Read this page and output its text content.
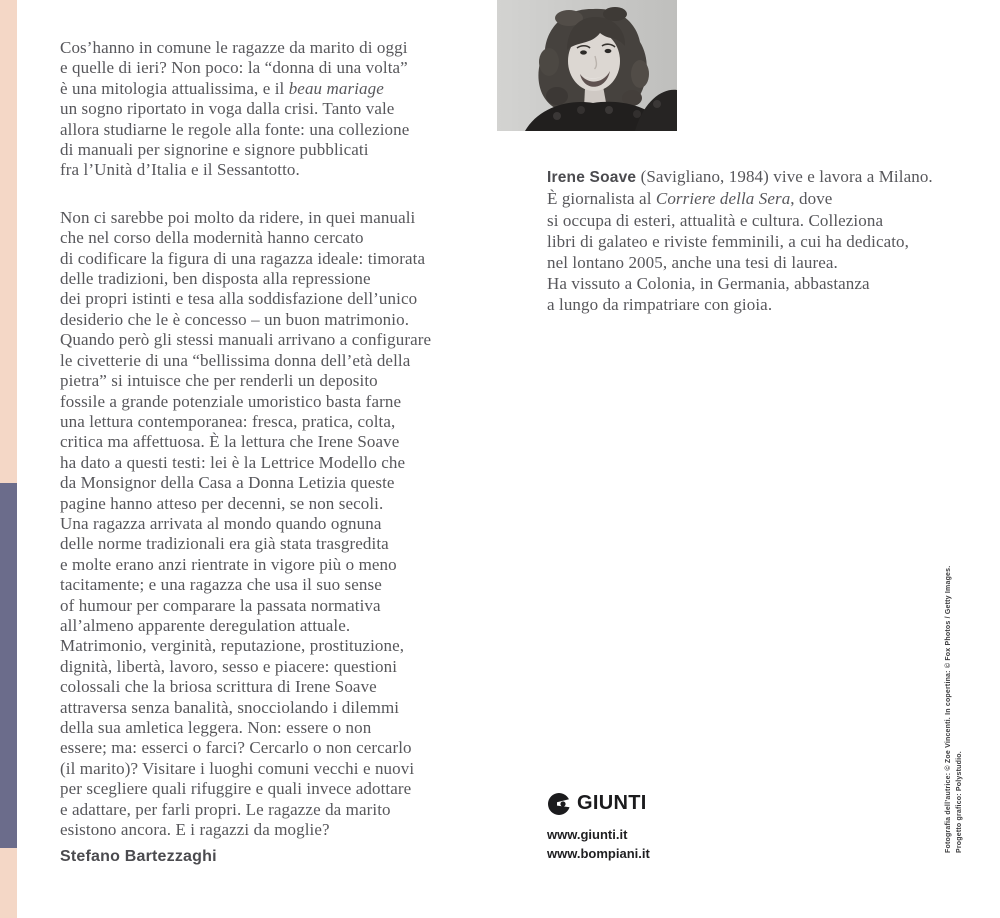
Cos’hanno in comune le ragazze da marito di oggi
e quelle di ieri? Non poco: la “donna di una volta”
è una mitologia attualissima, e il beau mariage
un sogno riportato in voga dalla crisi. Tanto vale
allora studiarne le regole alla fonte: una collezione
di manuali per signorine e signore pubblicati
fra l’Unità d’Italia e il Sessantotto.
Non ci sarebbe poi molto da ridere, in quei manuali
che nel corso della modernità hanno cercato
di codificare la figura di una ragazza ideale: timorata
delle tradizioni, ben disposta alla repressione
dei propri istinti e tesa alla soddisfazione dell’unico
desiderio che le è concesso – un buon matrimonio.
Quando però gli stessi manuali arrivano a configurare
le civetterie di una “bellissima donna dell’età della
pietra” si intuisce che per renderli un deposito
fossile a grande potenziale umoristico basta farne
una lettura contemporanea: fresca, pratica, colta,
critica ma affettuosa. È la lettura che Irene Soave
ha dato a questi testi: lei è la Lettrice Modello che
da Monsignor della Casa a Donna Letizia queste
pagine hanno atteso per decenni, se non secoli.
Una ragazza arrivata al mondo quando ognuna
delle norme tradizionali era già stata trasgredita
e molte erano anzi rientrate in vigore più o meno
tacitamente; e una ragazza che usa il suo sense
of humour per comparare la passata normativa
all’almeno apparente deregulation attuale.
Matrimonio, verginità, reputazione, prostituzione,
dignità, libertà, lavoro, sesso e piacere: questioni
colossali che la briosa scrittura di Irene Soave
attraversa senza banalità, snocciolando i dilemmi
della sua amletica leggera. Non: essere o non
essere; ma: esserci o farci? Cercarlo o non cercarlo
(il marito)? Visitare i luoghi comuni vecchi e nuovi
per scegliere quali rifuggire e quali invece adottare
e adattare, per farli propri. Le ragazze da marito
esistono ancora. E i ragazzi da moglie?
Stefano Bartezzaghi
Irene Soave (Savigliano, 1984) vive e lavora a Milano.
È giornalista al Corriere della Sera, dove
si occupa di esteri, attualità e cultura. Colleziona
libri di galateo e riviste femminili, a cui ha dedicato,
nel lontano 2005, anche una tesi di laurea.
Ha vissuto a Colonia, in Germania, abbastanza
a lungo da rimpatriare con gioia.
GIUNTI
www.giunti.it
www.bompiani.it
Fotografia dell’autrice: © Zoe Vincenti. In copertina: © Fox Photos / Getty Images. Progetto grafico: Polystudio.
